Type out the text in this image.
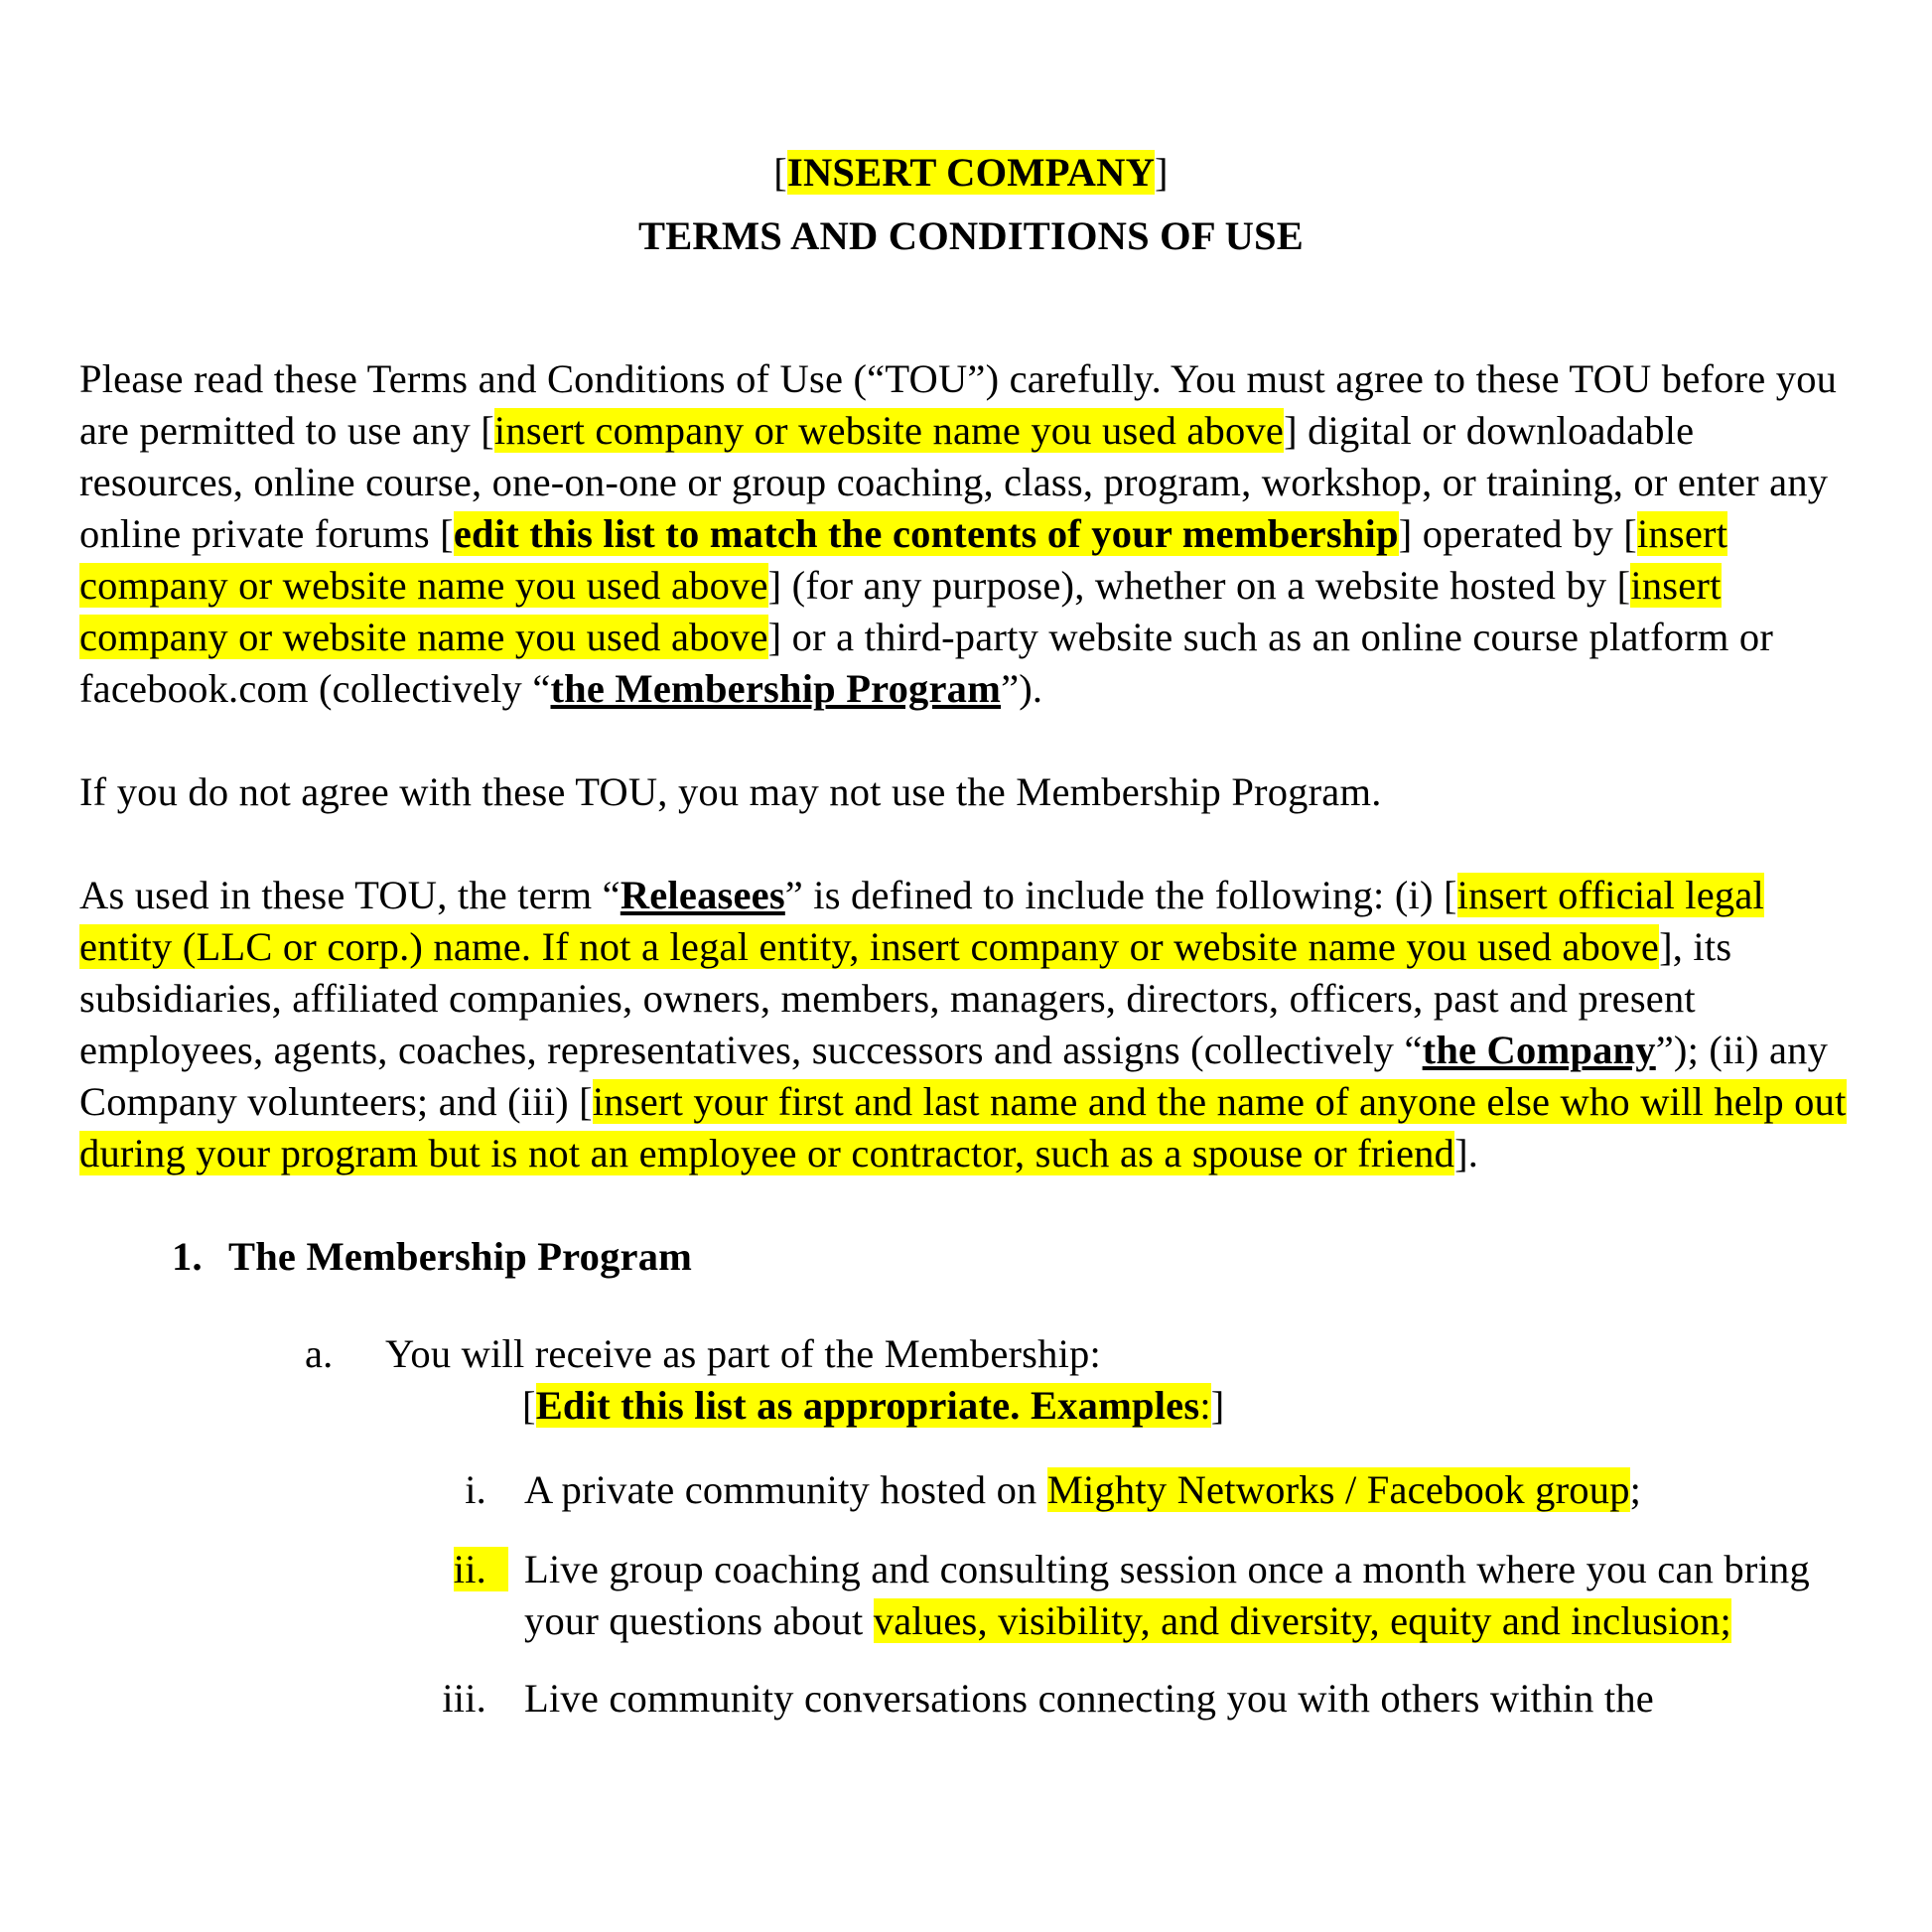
[INSERT COMPANY]
TERMS AND CONDITIONS OF USE
Please read these Terms and Conditions of Use (“TOU”) carefully. You must agree to these TOU before you are permitted to use any [insert company or website name you used above] digital or downloadable resources, online course, one-on-one or group coaching, class, program, workshop, or training, or enter any online private forums [edit this list to match the contents of your membership] operated by [insert company or website name you used above] (for any purpose), whether on a website hosted by [insert company or website name you used above] or a third-party website such as an online course platform or facebook.com (collectively “the Membership Program”).
If you do not agree with these TOU, you may not use the Membership Program.
As used in these TOU, the term “Releasees” is defined to include the following: (i) [insert official legal entity (LLC or corp.) name. If not a legal entity, insert company or website name you used above], its subsidiaries, affiliated companies, owners, members, managers, directors, officers, past and present employees, agents, coaches, representatives, successors and assigns (collectively “the Company”); (ii) any Company volunteers; and (iii) [insert your first and last name and the name of anyone else who will help out during your program but is not an employee or contractor, such as a spouse or friend].
1. The Membership Program
a.	You will receive as part of the Membership:
[Edit this list as appropriate. Examples:]
i. A private community hosted on Mighty Networks / Facebook group;
ii. Live group coaching and consulting session once a month where you can bring your questions about values, visibility, and diversity, equity and inclusion;
iii. Live community conversations connecting you with others within the
